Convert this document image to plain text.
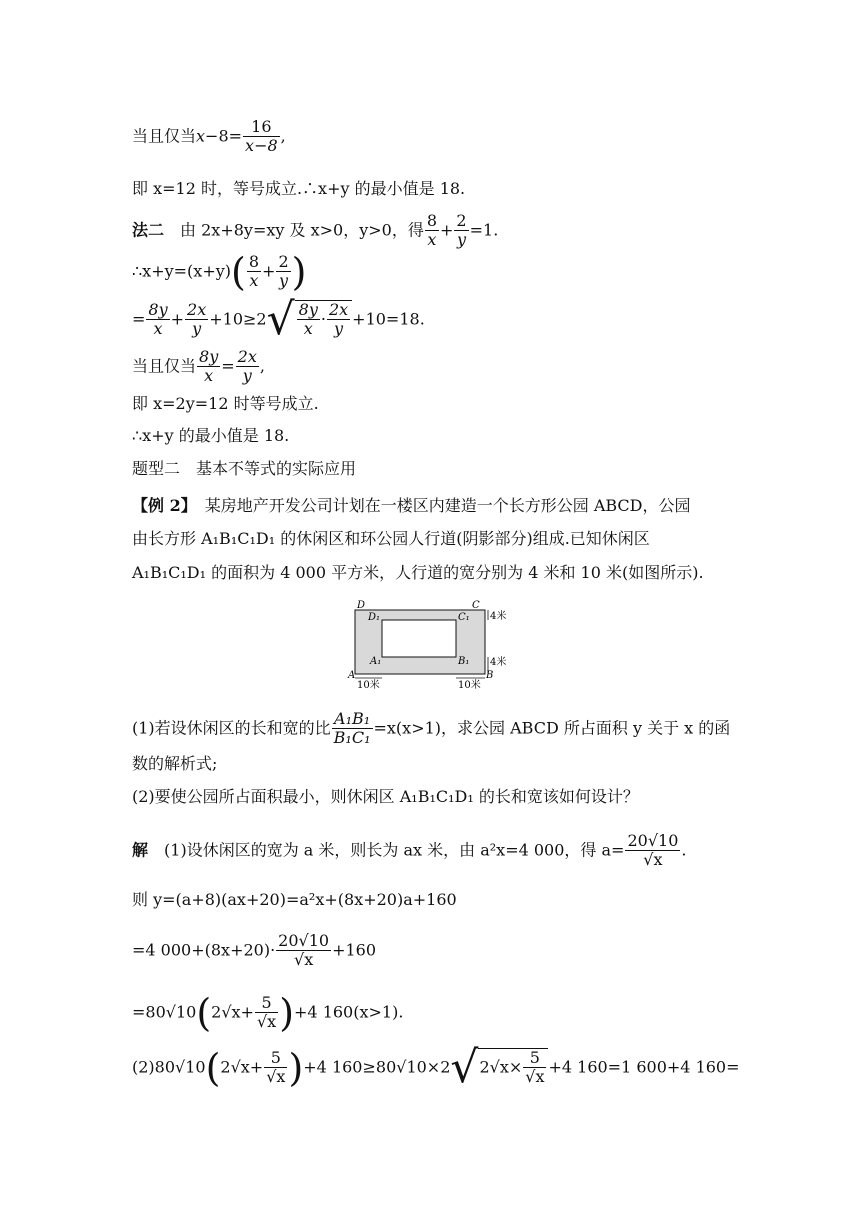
当且仅当$x-8= \frac{16}{x-8}$ ,
即 x=12 时，等号成立.∴x+y 的最小值是 18.
法二　 由 2x+8y=xy 及 x>0，y>0，得 $\frac{8}{x} + \frac{2}{y} =1$.
∴x+y=(x+y)( $\frac{8}{x} + \frac{2}{y}$ )
= $\frac{8y}{x} + \frac{2x}{y} +10\ge 2√ \frac{8y}{x} \cdot \frac{2x}{y} +10=18$.
当且仅当 $\frac{8y}{x} = \frac{2x}{y}$ ,
即 x=2y=12 时等号成立.
∴x+y 的最小值是 18.
题型二　基本不等式的实际应用
【例 2】　 某房地产开发公司计划在一楼区内建造一个长方形公园 ABCD，公园
由长方形 A₁B₁C₁D₁ 的休闲区和环公园人行道(阴影部分)组成.已知休闲区
A₁B₁C₁D₁ 的面积为 4 000 平方米，人行道的宽分别为 4 米和 10 米(如图所示).
D	C
D₁	C₁
A₁	B₁
A	B
4米
4米
10米	10米
(1)若设休闲区的长和宽的比 $\frac{\text{A₁B₁}}{\text{B₁C₁}} =x(x>1)$，求公园 ABCD 所占面积 y 关于 x 的函
数的解析式;
(2)要使公园所占面积最小，则休闲区 A₁B₁C₁D₁ 的长和宽该如何设计？
解　 (1)设休闲区的宽为 a 米，则长为 ax 米，由 a²x=4 000，得 $a= \frac{20√10}{√x}$ .
则 y=(a+8)(ax+20)=a²x+(8x+20)a+160
=4 $000+(8x+20)\cdot \frac{20√10}{√x} +160$
$=80√10(2√x+ \frac{5}{√x} )+4$ 160(x>1).
$(2)80√10(2√x+ \frac{5}{√x} )+4$ $160\ge 80√10\times 2√2√x\times \frac{5}{√x} +4$ 160=1 600+4 160=
